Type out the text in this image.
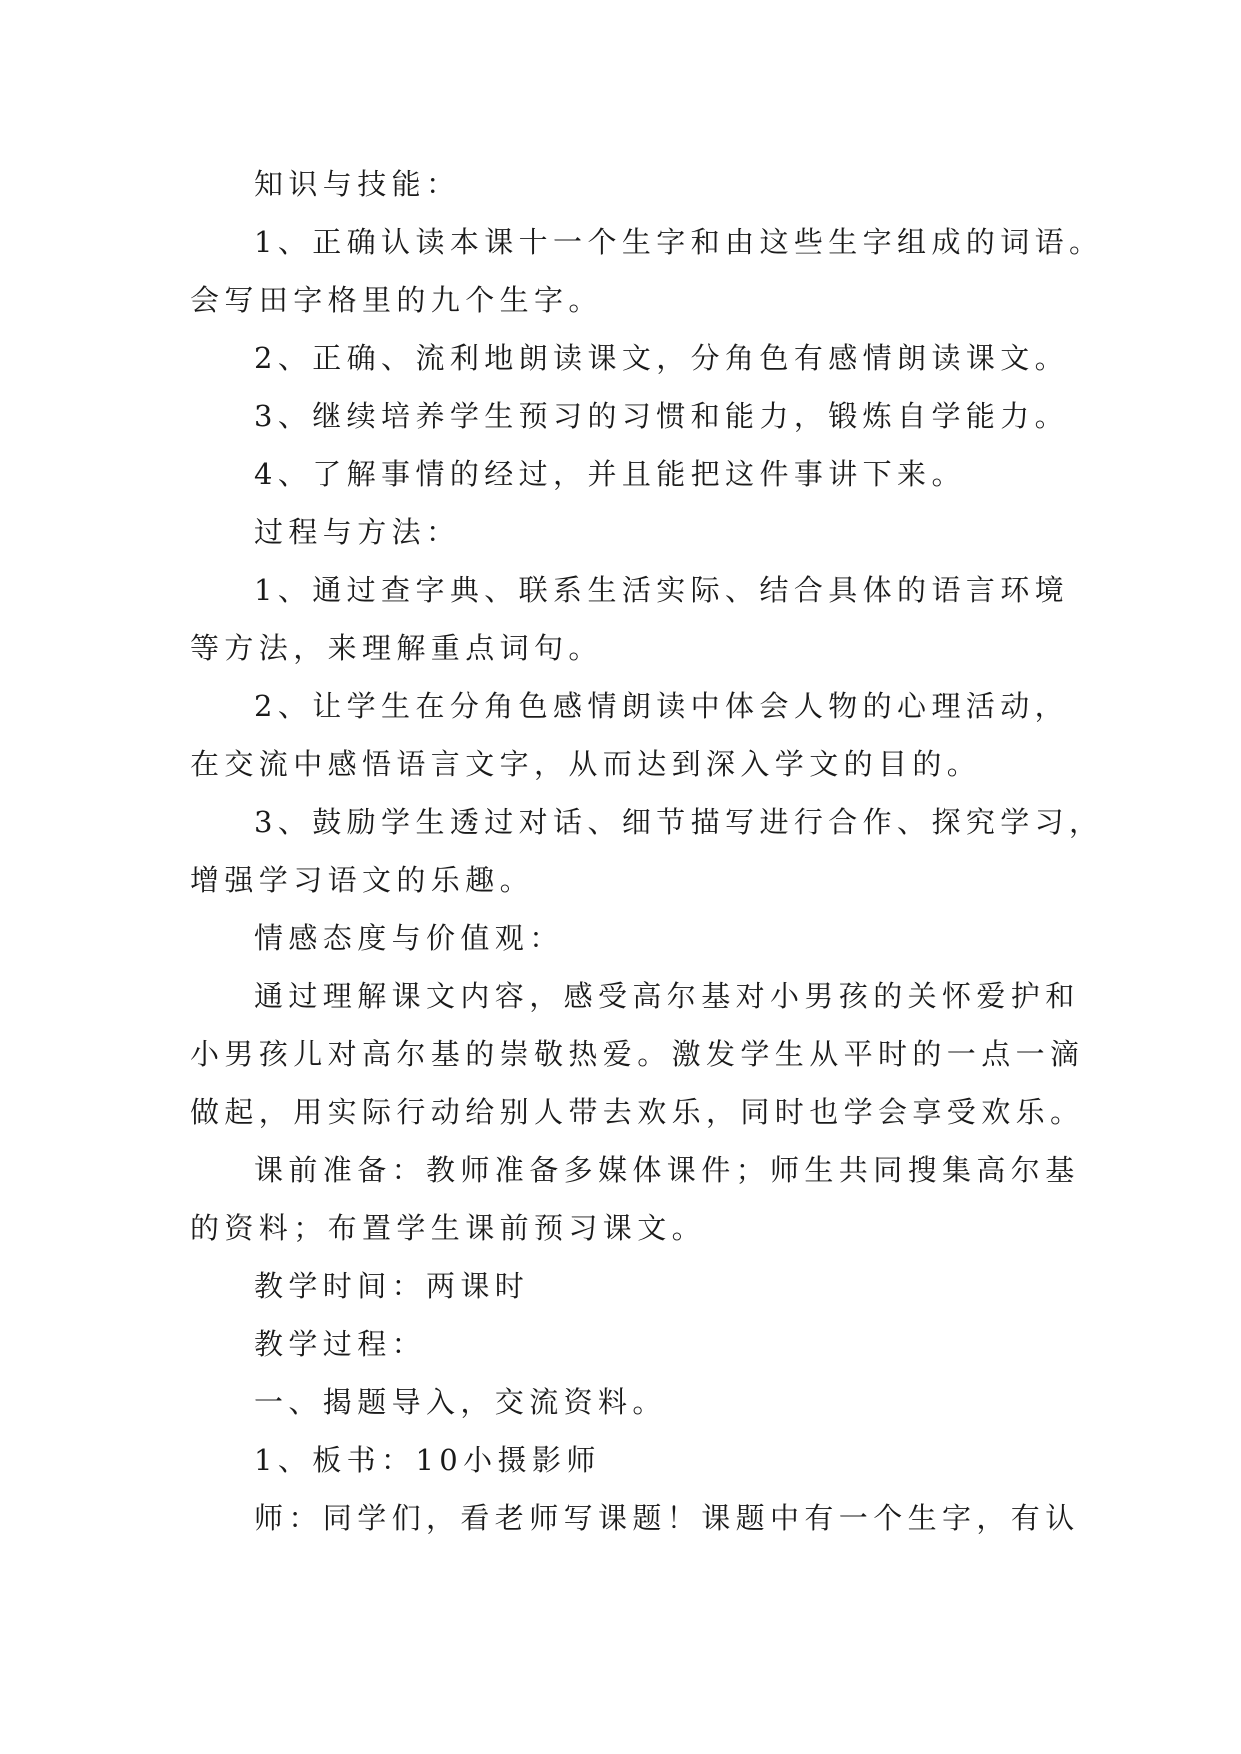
知识与技能：
1、正确认读本课十一个生字和由这些生字组成的词语。
会写田字格里的九个生字。
2、正确、流利地朗读课文，分角色有感情朗读课文。
3、继续培养学生预习的习惯和能力，锻炼自学能力。
4、了解事情的经过，并且能把这件事讲下来。
过程与方法：
1、通过查字典、联系生活实际、结合具体的语言环境
等方法，来理解重点词句。
2、让学生在分角色感情朗读中体会人物的心理活动，
在交流中感悟语言文字，从而达到深入学文的目的。
3、鼓励学生透过对话、细节描写进行合作、探究学习，
增强学习语文的乐趣。
情感态度与价值观：
通过理解课文内容，感受高尔基对小男孩的关怀爱护和
小男孩儿对高尔基的崇敬热爱。激发学生从平时的一点一滴
做起，用实际行动给别人带去欢乐，同时也学会享受欢乐。
课前准备：教师准备多媒体课件；师生共同搜集高尔基
的资料；布置学生课前预习课文。
教学时间：两课时
教学过程：
一、揭题导入，交流资料。
1、板书：10小摄影师
师：同学们，看老师写课题！课题中有一个生字，有认
